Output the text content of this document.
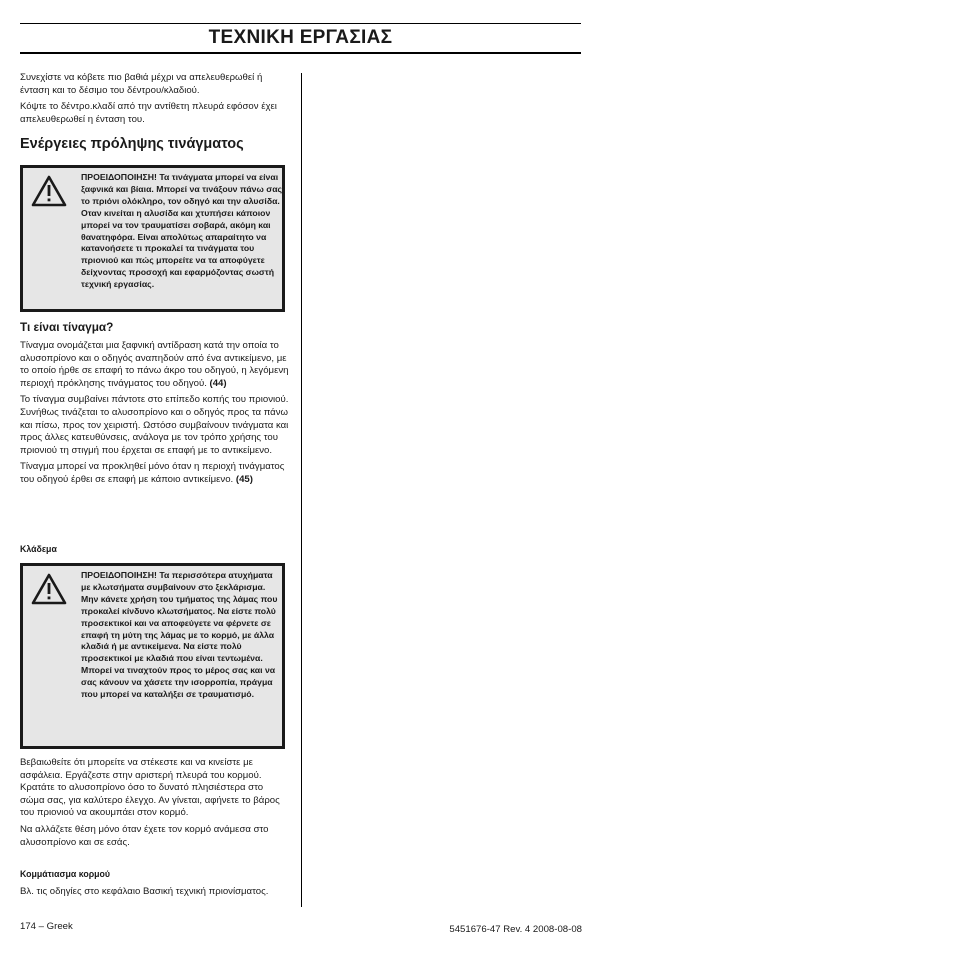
ΤΕΧΝΙΚΗ ΕΡΓΑΣΙΑΣ

Συνεχίστε να κόβετε πιο βαθιά μέχρι να απελευθερωθεί ή ένταση και το δέσιμο του δέντρου/κλαδιού.

Κόψτε το δέντρο.κλαδί από την αντίθετη πλευρά εφόσον έχει απελευθερωθεί η ένταση του.

Ενέργειες πρόληψης τινάγματος
ΠΡΟΕΙΔΟΠΟΙΗΣΗ! Τα τινάγματα μπορεί να είναι ξαφνικά και βίαια. Μπορεί να τινάξουν πάνω σας το πριόνι ολόκληρο, τον οδηγό και την αλυσίδα. Οταν κινείται η αλυσίδα και χτυπήσει κάποιον μπορεί να τον τραυματίσει σοβαρά, ακόμη και θανατηφόρα. Είναι απολύτως απαραίτητο να κατανοήσετε τι προκαλεί τα τινάγματα του πριονιού και πώς μπορείτε να τα αποφύγετε δείχνοντας προσοχή και εφαρμόζοντας σωστή τεχνική εργασίας.
Τι είναι τίναγμα?

Τίναγμα ονομάζεται μια ξαφνική αντίδραση κατά την οποία το αλυσοπρίονο και ο οδηγός αναπηδούν από ένα αντικείμενο, με το οποίο ήρθε σε επαφή το πάνω άκρο του οδηγού, η λεγόμενη περιοχή πρόκλησης τινάγματος του οδηγού. (44)

Το τίναγμα συμβαίνει πάντοτε στο επίπεδο κοπής του πριονιού. Συνήθως τινάζεται το αλυσοπρίονο και ο οδηγός προς τα πάνω και πίσω, προς τον χειριστή. Ωστόσο συμβαίνουν τινάγματα και προς άλλες κατευθύνσεις, ανάλογα με τον τρόπο χρήσης του πριονιού τη στιγμή που έρχεται σε επαφή με το αντικείμενο.

Τίναγμα μπορεί να προκληθεί μόνο όταν η περιοχή τινάγματος του οδηγού έρθει σε επαφή με κάποιο αντικείμενο. (45)

Κλάδεμα
ΠΡΟΕΙΔΟΠΟΙΗΣΗ! Τα περισσότερα ατυχήματα με κλωτσήματα συμβαίνουν στο ξεκλάρισμα. Μην κάνετε χρήση του τμήματος της λάμας που προκαλεί κίνδυνο κλωτσήματος. Να είστε πολύ προσεκτικοί και να αποφεύγετε να φέρνετε σε επαφή τη μύτη της λάμας με το κορμό, με άλλα κλαδιά ή με αντικείμενα. Να είστε πολύ προσεκτικοί με κλαδιά που είναι τεντωμένα. Μπορεί να τιναχτούν προς το μέρος σας και να σας κάνουν να χάσετε την ισορροπία, πράγμα που μπορεί να καταλήξει σε τραυματισμό.

Βεβαιωθείτε ότι μπορείτε να στέκεστε και να κινείστε με ασφάλεια. Εργάζεστε στην αριστερή πλευρά του κορμού. Κρατάτε το αλυσοπρίονο όσο το δυνατό πλησιέστερα στο σώμα σας, για καλύτερο έλεγχο. Αν γίνεται, αφήνετε το βάρος του πριονιού να ακουμπάει στον κορμό.

Να αλλάζετε θέση μόνο όταν έχετε τον κορμό ανάμεσα στο αλυσοπρίονο και σε εσάς.

Κομμάτιασμα κορμού

Βλ. τις οδηγίες στο κεφάλαιο Βασική τεχνική πριονίσματος.

174 – Greek	5451676-47 Rev. 4 2008-08-08
